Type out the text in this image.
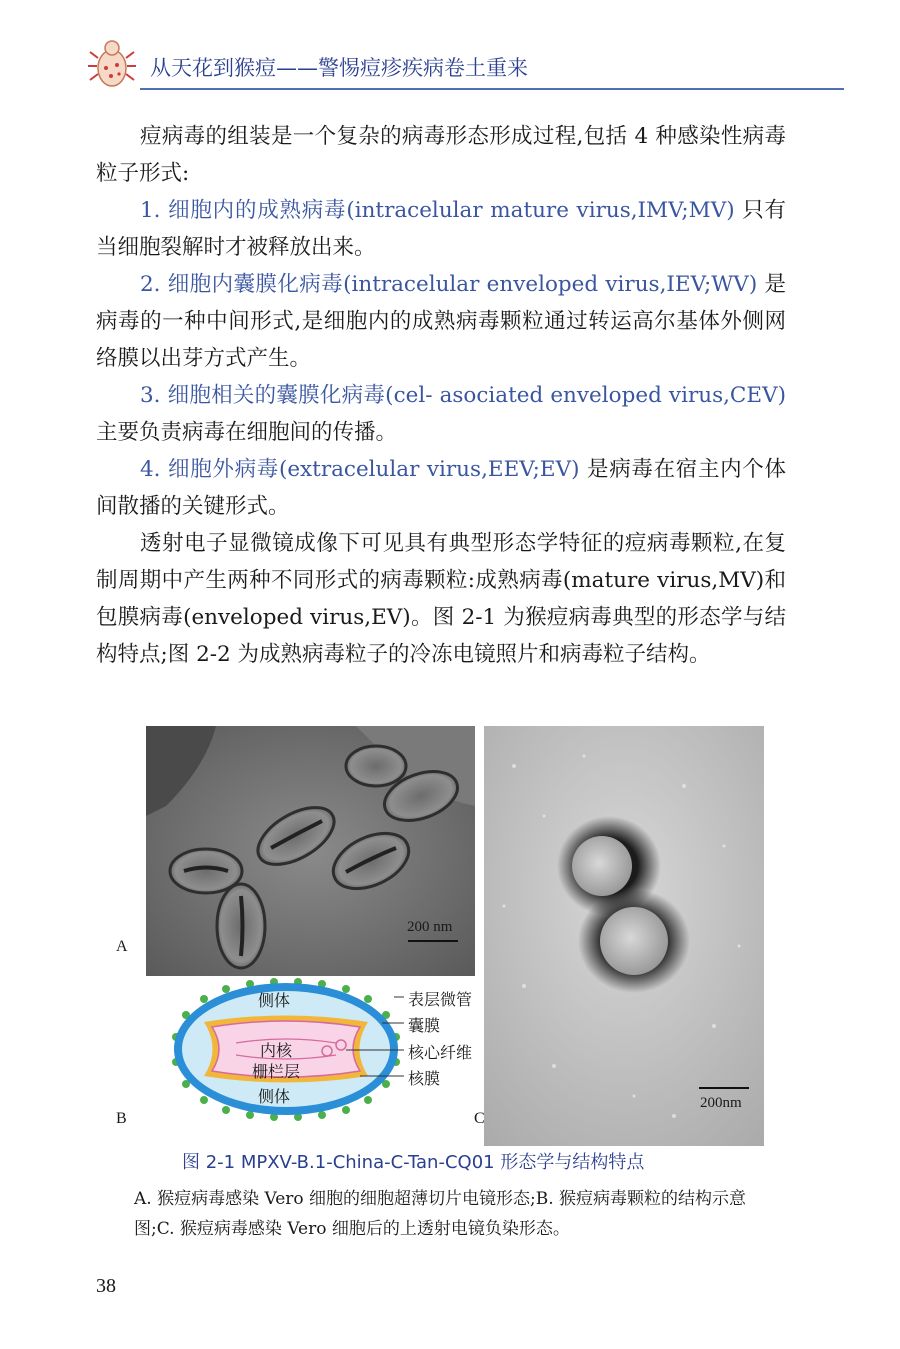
从天花到猴痘——警惕痘疹疾病卷土重来

痘病毒的组装是一个复杂的病毒形态形成过程,包括 4 种感染性病毒粒子形式:

1. 细胞内的成熟病毒(intracelular mature virus,IMV;MV) 只有当细胞裂解时才被释放出来。

2. 细胞内囊膜化病毒(intracelular enveloped virus,IEV;WV) 是病毒的一种中间形式,是细胞内的成熟病毒颗粒通过转运高尔基体外侧网络膜以出芽方式产生。

3. 细胞相关的囊膜化病毒(cel- asociated enveloped virus,CEV) 主要负责病毒在细胞间的传播。

4. 细胞外病毒(extracelular virus,EEV;EV) 是病毒在宿主内个体间散播的关键形式。

透射电子显微镜成像下可见具有典型形态学特征的痘病毒颗粒,在复制周期中产生两种不同形式的病毒颗粒:成熟病毒(mature virus,MV)和包膜病毒(enveloped virus,EV)。图 2-1 为猴痘病毒典型的形态学与结构特点;图 2-2 为成熟病毒粒子的冷冻电镜照片和病毒粒子结构。

A
200 nm
C
200nm
B
侧体
内核
栅栏层
侧体
表层微管
囊膜
核心纤维
核膜
图 2-1 MPXV-B.1-China-C-Tan-CQ01 形态学与结构特点
A. 猴痘病毒感染 Vero 细胞的细胞超薄切片电镜形态;B. 猴痘病毒颗粒的结构示意图;C. 猴痘病毒感染 Vero 细胞后的上透射电镜负染形态。
38
